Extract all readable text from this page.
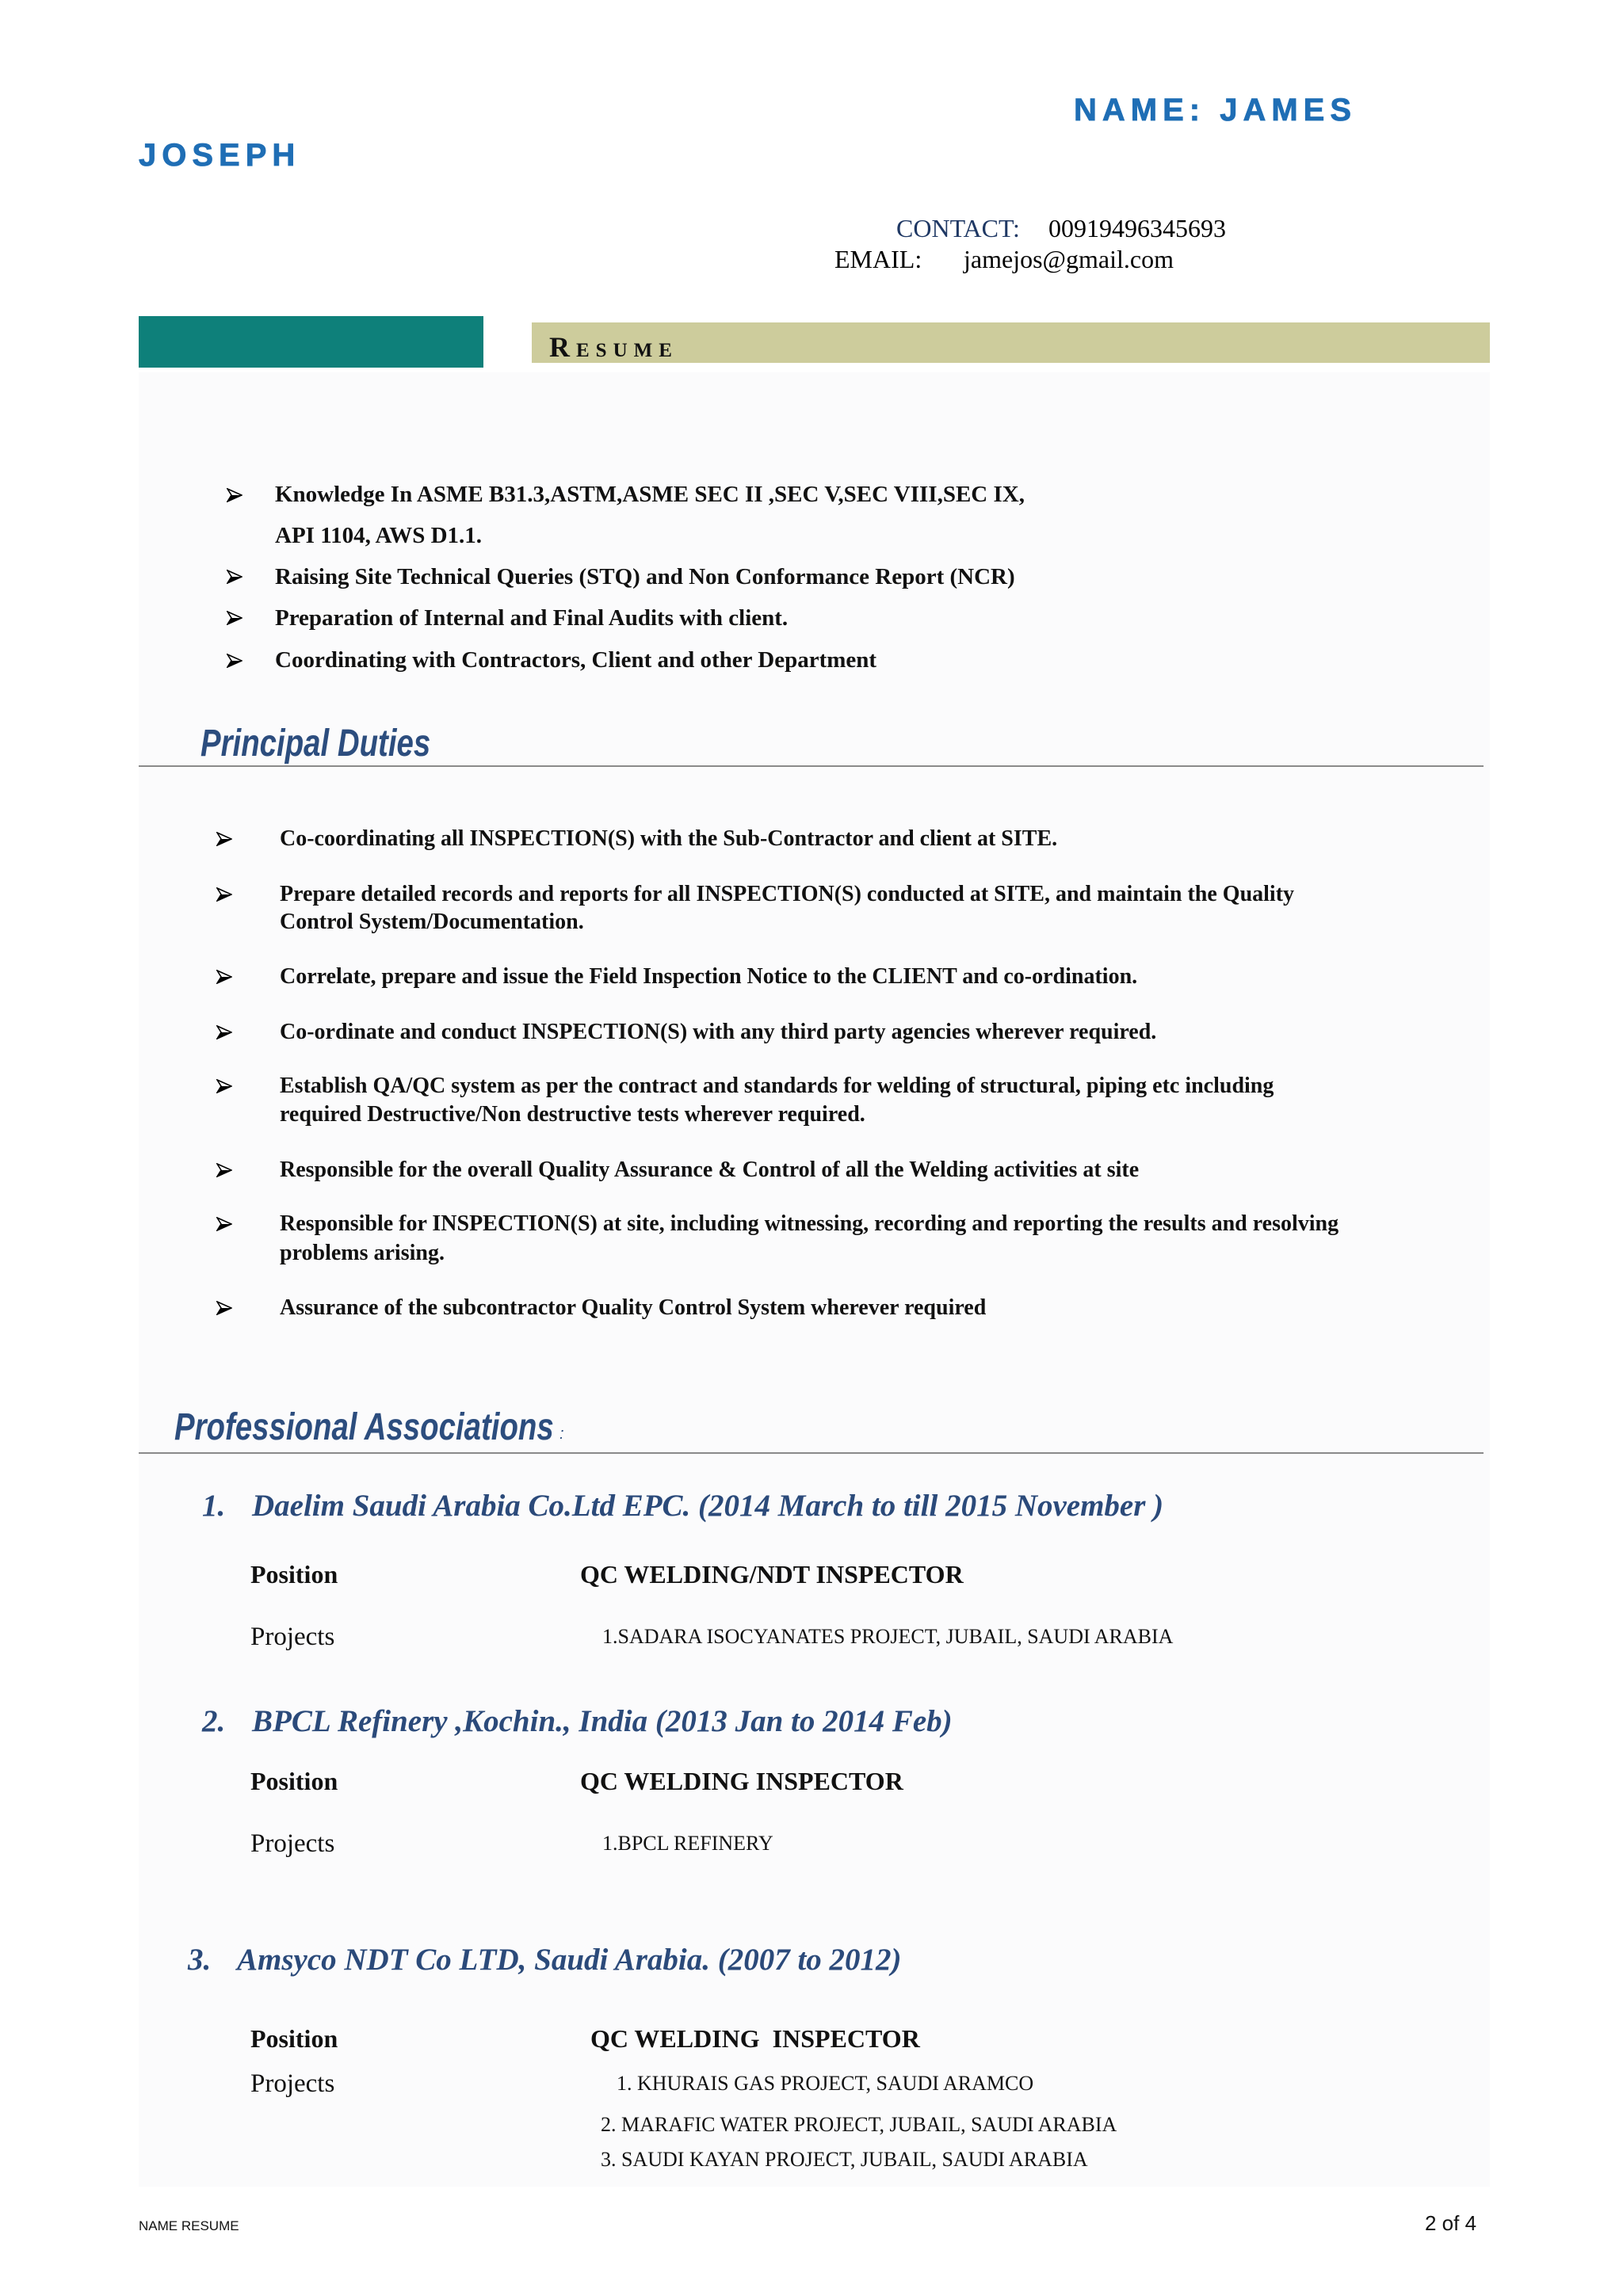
NAME: JAMES
JOSEPH
CONTACT: 00919496345693
EMAIL: jamejos@gmail.com
Resume
Knowledge In ASME B31.3,ASTM,ASME SEC II ,SEC V,SEC VIII,SEC IX,
API 1104, AWS D1.1.
Raising Site Technical Queries (STQ) and Non Conformance Report (NCR)
Preparation of Internal and Final Audits with client.
Coordinating with Contractors, Client and other Department
Principal Duties
Co-coordinating all INSPECTION(S) with the Sub-Contractor and client at SITE.
Prepare detailed records and reports for all INSPECTION(S) conducted at SITE, and maintain the Quality
Control System/Documentation.
Correlate, prepare and issue the Field Inspection Notice to the CLIENT and co-ordination.
Co-ordinate and conduct INSPECTION(S) with any third party agencies wherever required.
Establish QA/QC system as per the contract and standards for welding of structural, piping etc including
required Destructive/Non destructive tests wherever required.
Responsible for the overall Quality Assurance & Control of all the Welding activities at site
Responsible for INSPECTION(S) at site, including witnessing, recording and reporting the results and resolving
problems arising.
Assurance of the subcontractor Quality Control System wherever required
Professional Associations :
1. Daelim Saudi Arabia Co.Ltd EPC. (2014 March to till 2015 November )
Position	QC WELDING/NDT INSPECTOR
Projects	1.SADARA ISOCYANATES PROJECT, JUBAIL, SAUDI ARABIA
2. BPCL Refinery ,Kochin., India (2013 Jan to 2014 Feb)
Position	QC WELDING INSPECTOR
Projects	1.BPCL REFINERY
3. Amsyco NDT Co LTD, Saudi Arabia. (2007 to 2012)
Position	QC WELDING  INSPECTOR
Projects	1. KHURAIS GAS PROJECT, SAUDI ARAMCO
2. MARAFIC WATER PROJECT, JUBAIL, SAUDI ARABIA
3. SAUDI KAYAN PROJECT, JUBAIL, SAUDI ARABIA
NAME RESUME	2 of 4
